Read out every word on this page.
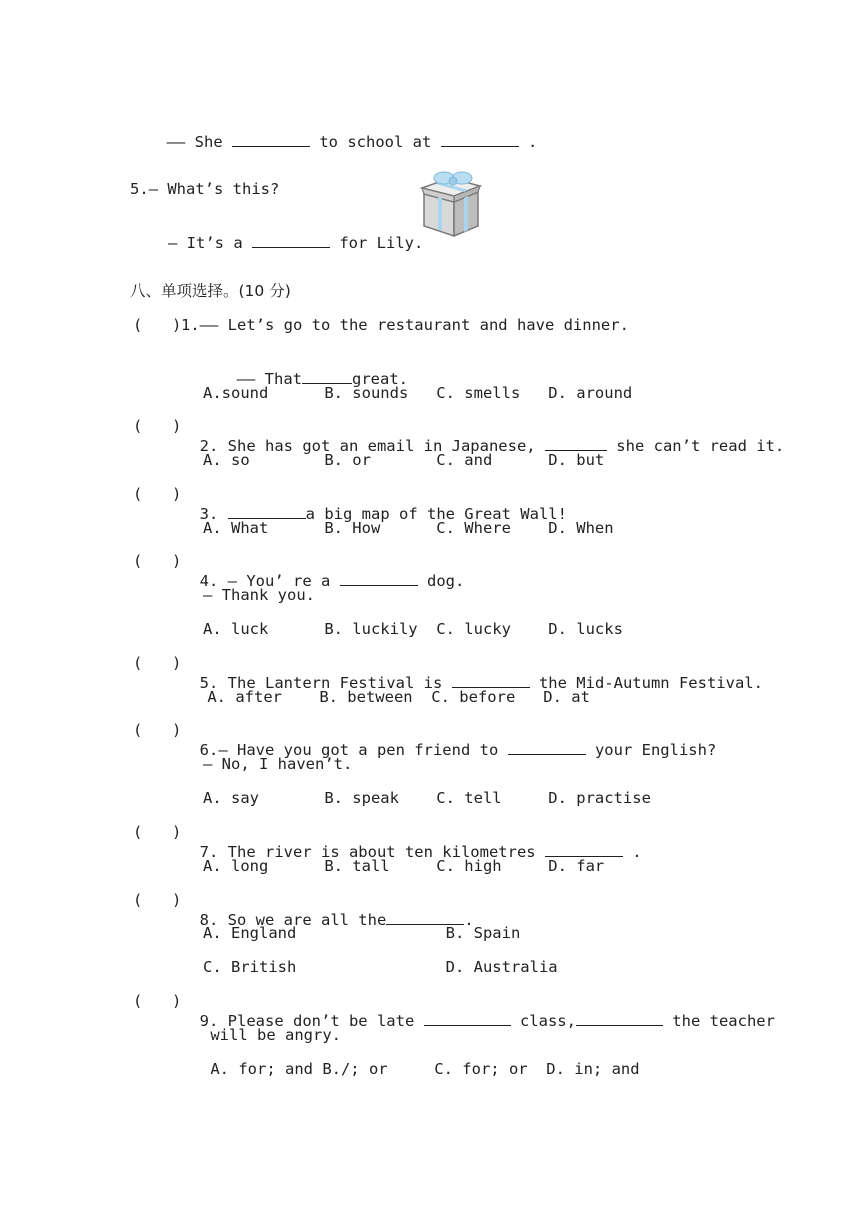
—— She	to school at	.

5.— What’s this?

— It’s a	for Lily.

八、单项选择。(10 分)
( ) 1.—— Let’s go to the restaurant and have dinner.

—— That	great.

A.sound      B. sounds   C. smells   D. around
( )

2. She has got an email in Japanese,	she can’t read it.

A. so        B. or       C. and      D. but
( )

3.	a big map of the Great Wall!

A. What      B. How      C. Where    D. When
( )

4. — You’ re a	dog.

— Thank you.
A. luck      B. luckily  C. lucky    D. lucks
( )

5. The Lantern Festival is	the Mid-Autumn Festival.

A. after    B. between  C. before   D. at
( )

6.— Have you got a pen friend to	your English?

— No, I haven’t.
A. say       B. speak    C. tell     D. practise
( )

7. The river is about ten kilometres	.

A. long      B. tall     C. high     D. far
( )

8. So we are all the	.

A. England                B. Spain
C. British                D. Australia
( )

9. Please don’t be late	class,	the teacher

will be angry.
A. for; and B./; or     C. for; or  D. in; and
